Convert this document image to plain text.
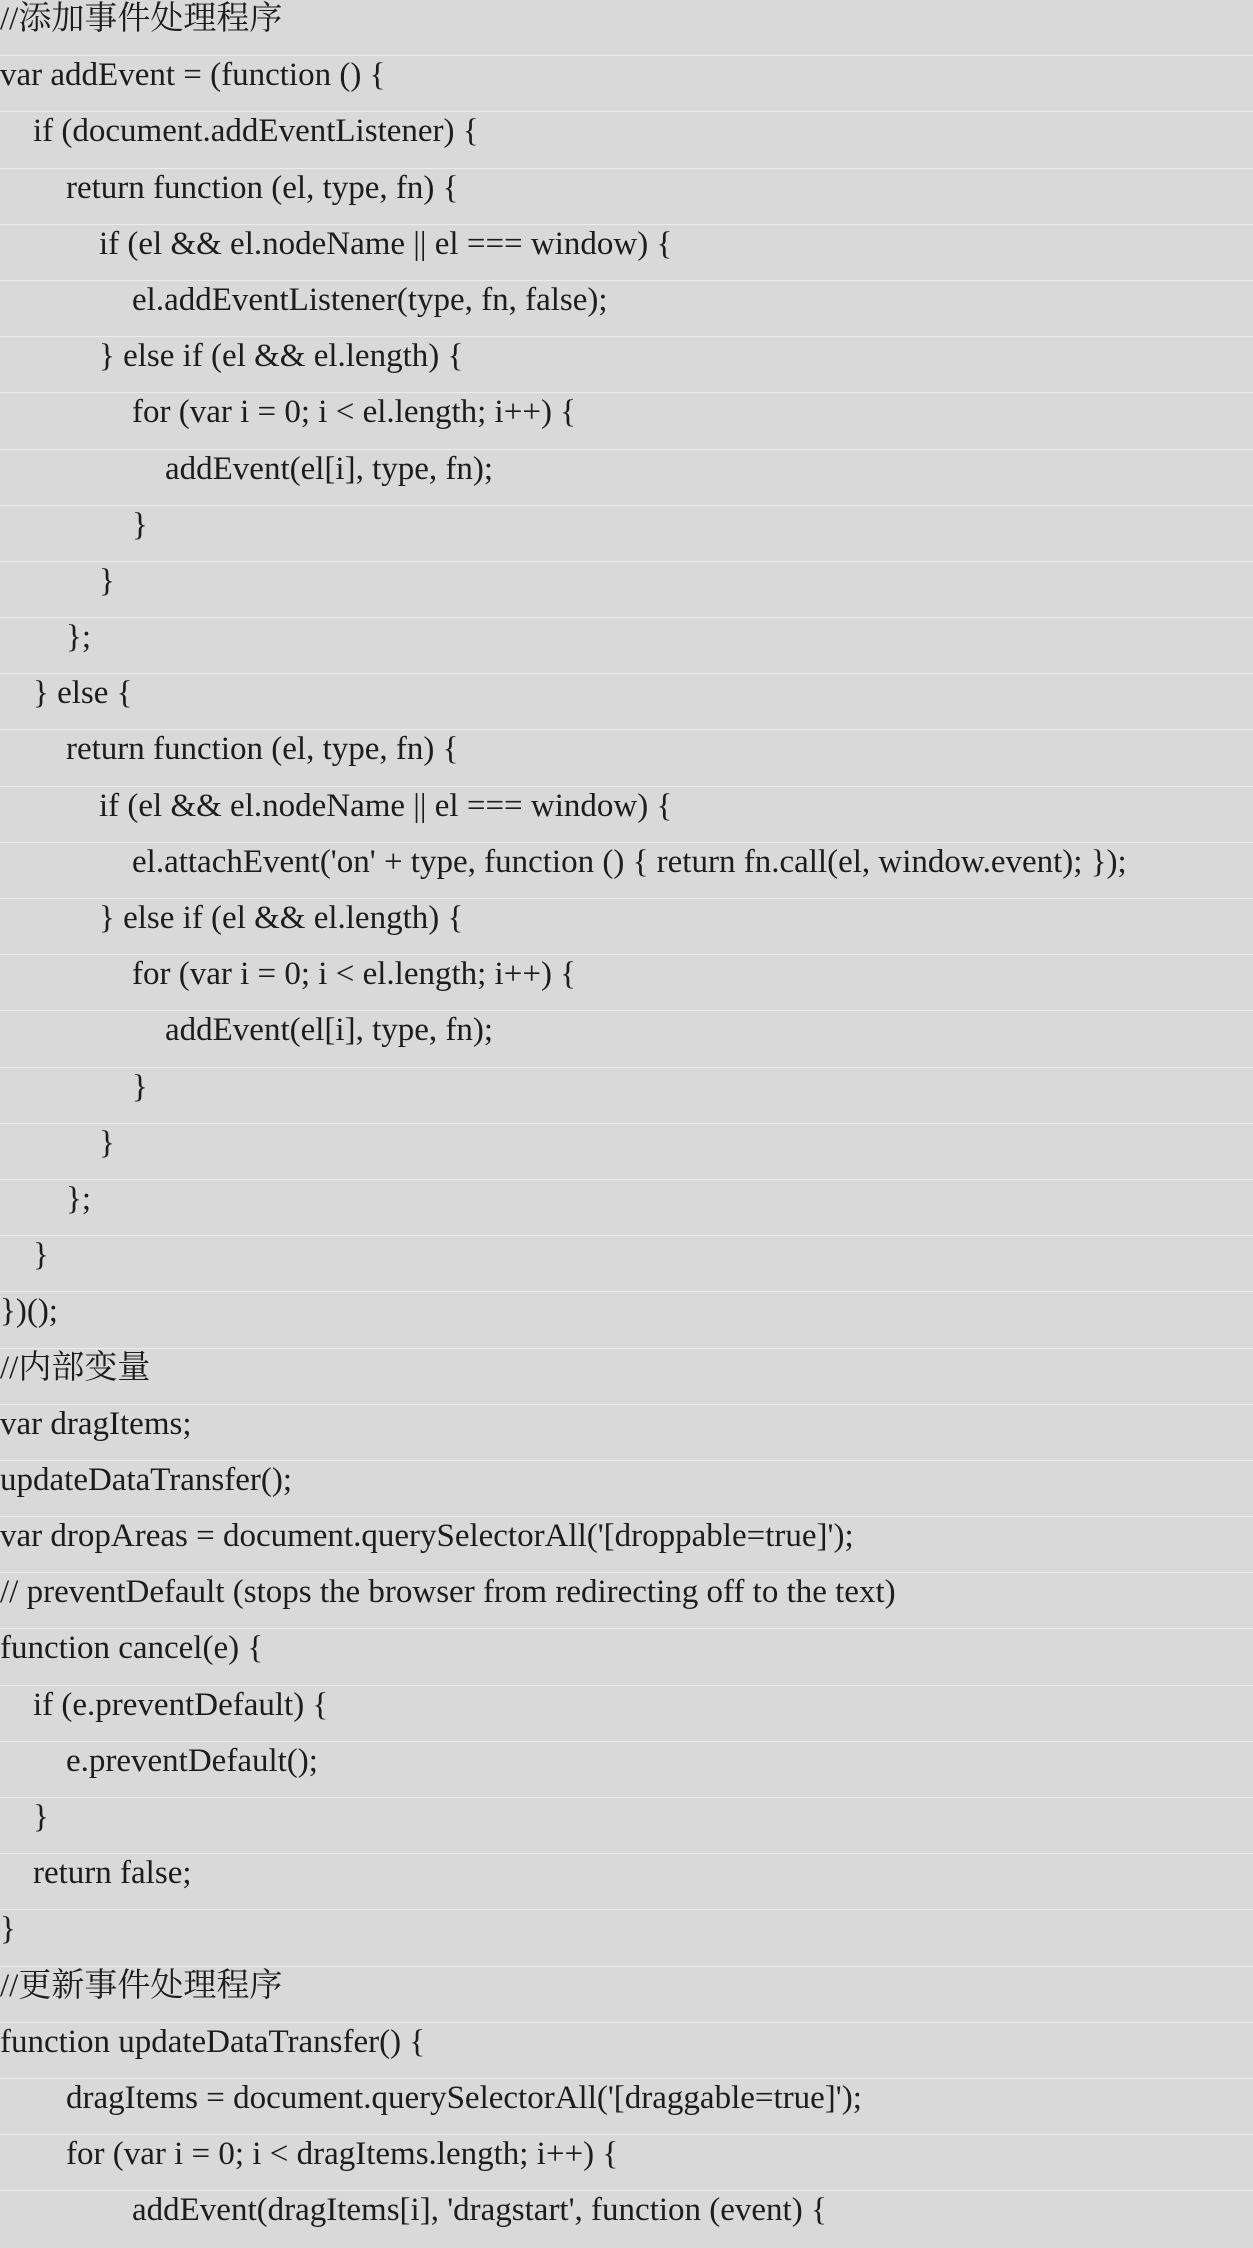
//添加事件处理程序
var addEvent = (function () {
if (document.addEventListener) {
return function (el, type, fn) {
if (el && el.nodeName || el === window) {
el.addEventListener(type, fn, false);
} else if (el && el.length) {
for (var i = 0; i < el.length; i++) {
addEvent(el[i], type, fn);
}
}
};
} else {
return function (el, type, fn) {
if (el && el.nodeName || el === window) {
el.attachEvent('on' + type, function () { return fn.call(el, window.event); });
} else if (el && el.length) {
for (var i = 0; i < el.length; i++) {
addEvent(el[i], type, fn);
}
}
};
}
})();
//内部变量
var dragItems;
updateDataTransfer();
var dropAreas = document.querySelectorAll('[droppable=true]');
// preventDefault (stops the browser from redirecting off to the text)
function cancel(e) {
if (e.preventDefault) {
e.preventDefault();
}
return false;
}
//更新事件处理程序
function updateDataTransfer() {
dragItems = document.querySelectorAll('[draggable=true]');
for (var i = 0; i < dragItems.length; i++) {
addEvent(dragItems[i], 'dragstart', function (event) {
